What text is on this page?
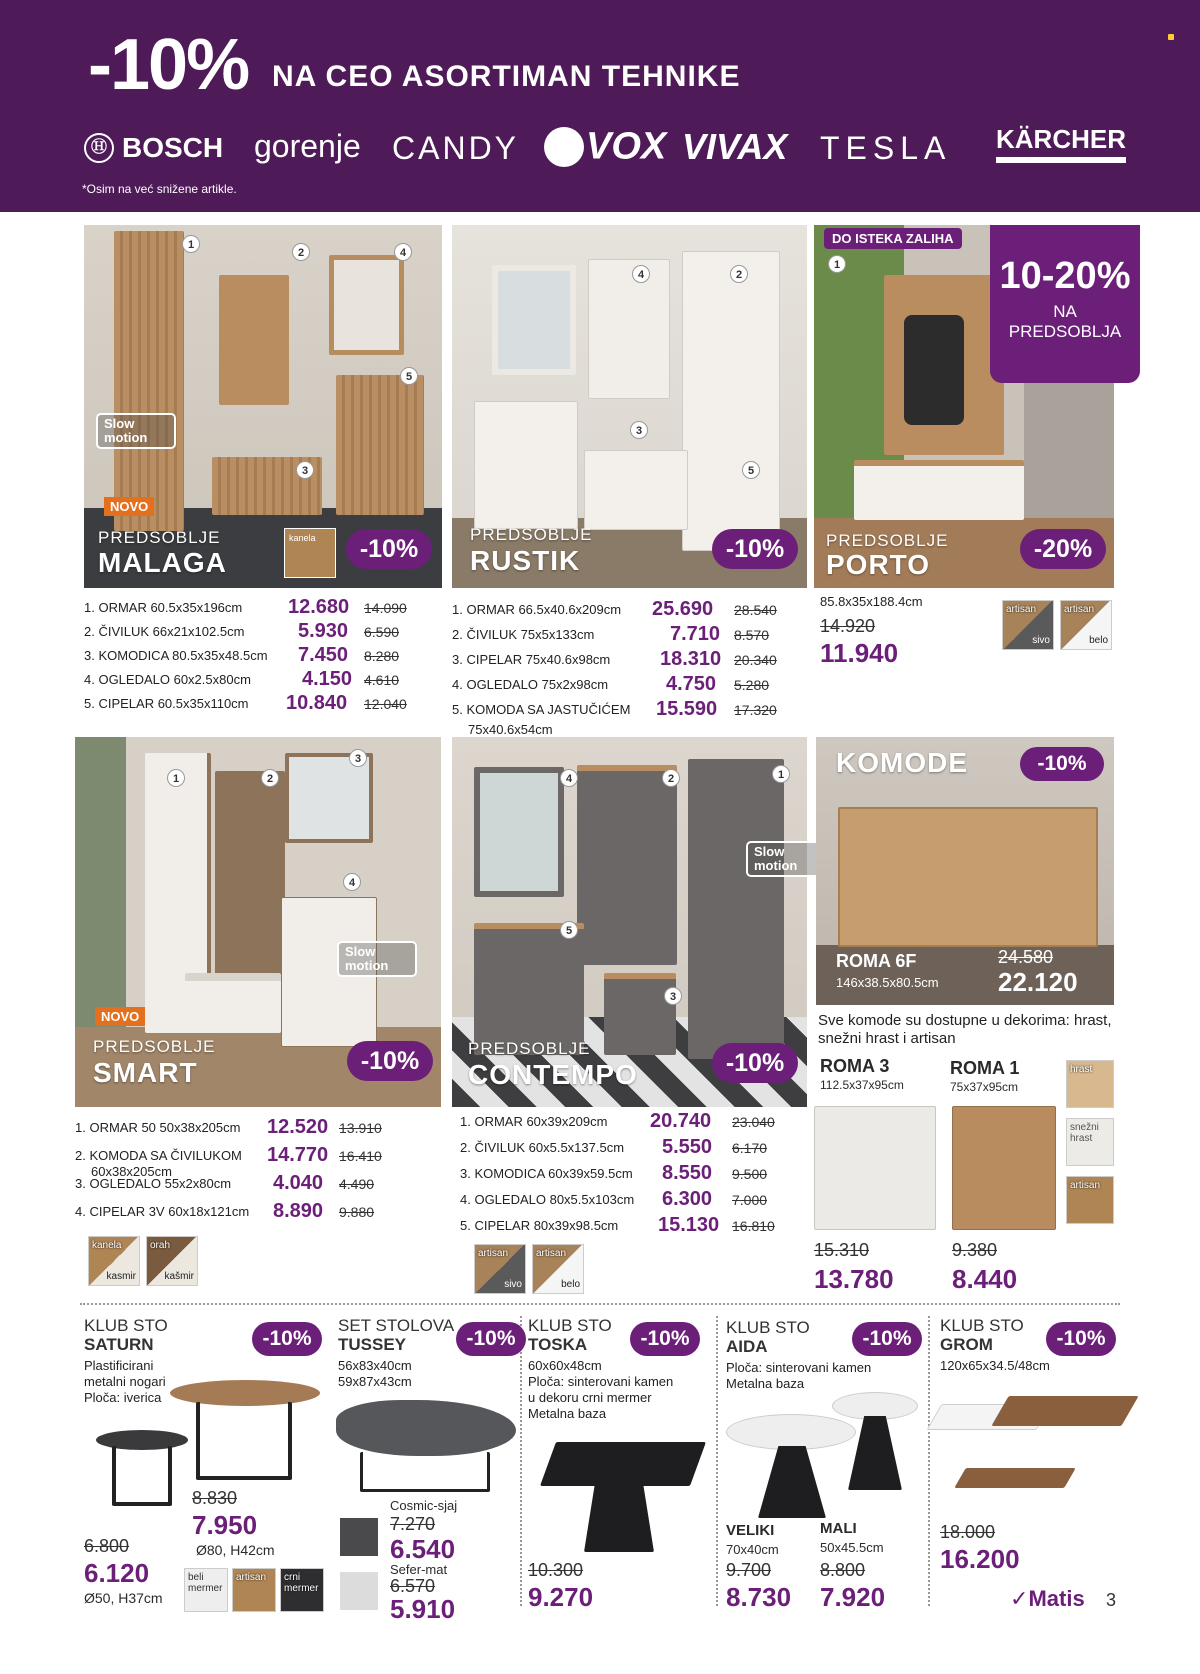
-10% NA CEO ASORTIMAN TEHNIKE
Ⓗ BOSCH gorenje CANDY	VOX VIVAX TESLA KÄRCHER
*Osim na već snižene artikle.
1
2
3
4
5
Slow motion
NOVO
PREDSOBLJE
MALAGA
kanela	-10%
1. ORMAR 60.5x35x196cm 12.680 14.090
2. ČIVILUK 66x21x102.5cm	5.930 6.590
3. KOMODICA 80.5x35x48.5cm 7.450 8.280
4. OGLEDALO 60x2.5x80cm	4.150 4.610
5. CIPELAR 60.5x35x110cm 10.840 12.040
2
4
3
5
PREDSOBLJE
RUSTIK	-10%
1. ORMAR 66.5x40.6x209cm 25.690 28.540
2. ČIVILUK 75x5x133cm	7.710 8.570
3. CIPELAR 75x40.6x98cm 18.310 20.340
4. OGLEDALO 75x2x98cm	4.750 5.280
5. KOMODA SA JASTUČIĆEM 15.590 17.320
75x40.6x54cm
1
DO ISTEKA ZALIHA
10-20%
NA
PREDSOBLJA
PREDSOBLJE
PORTO	-20%
85.8x35x188.4cm
14.920
11.940
artisan
sivo
artisan
belo
1	2
3
4
Slow motion
NOVO
PREDSOBLJE
SMART	-10%
1. ORMAR 50 50x38x205cm 12.520 13.910
2. KOMODA SA ČIVILUKOM 14.770 16.410
60x38x205cm
3. OGLEDALO 55x2x80cm 4.040 4.490
4. CIPELAR 3V 60x18x121cm 8.890 9.880
kanela
kasmir
orah
kašmir
4	2	1
5
3
Slow motion
PREDSOBLJE
CONTEMPO	-10%
1. ORMAR 60x39x209cm 20.740 23.040
2. ČIVILUK 60x5.5x137.5cm 5.550 6.170
3. KOMODICA 60x39x59.5cm 8.550 9.500
4. OGLEDALO 80x5.5x103cm 6.300 7.000
5. CIPELAR 80x39x98.5cm 15.130 16.810
artisan
sivo
artisan
belo
KOMODE	-10%
ROMA 6F
146x38.5x80.5cm
24.580
22.120
Sve komode su dostupne u dekorima: hrast, snežni hrast i artisan
ROMA 3
112.5x37x95cm
15.310
13.780
ROMA 1
75x37x95cm
9.380
8.440
hrast
snežni hrast
artisan
KLUB STO
SATURN	-10%
Plastificirani
metalni nogari
Ploča: iverica
8.830
7.950
Ø80, H42cm
6.800
6.120
Ø50, H37cm
beli mermer
artisan crni mermer
SET STOLOVA
TUSSEY	-10%
56x83x40cm
59x87x43cm
Cosmic-sjaj
7.270
6.540
Sefer-mat
6.570
5.910
KLUB STO
TOSKA	-10%
60x60x48cm
Ploča: sinterovani kamen
u dekoru crni mermer
Metalna baza
10.300
9.270
KLUB STO
AIDA	-10%
Ploča: sinterovani kamen
Metalna baza
VELIKI
70x40cm
9.700
8.730
MALI
50x45.5cm
8.800
7.920
KLUB STO
GROM	-10%
120x65x34.5/48cm
18.000
16.200
✓Matis 3
